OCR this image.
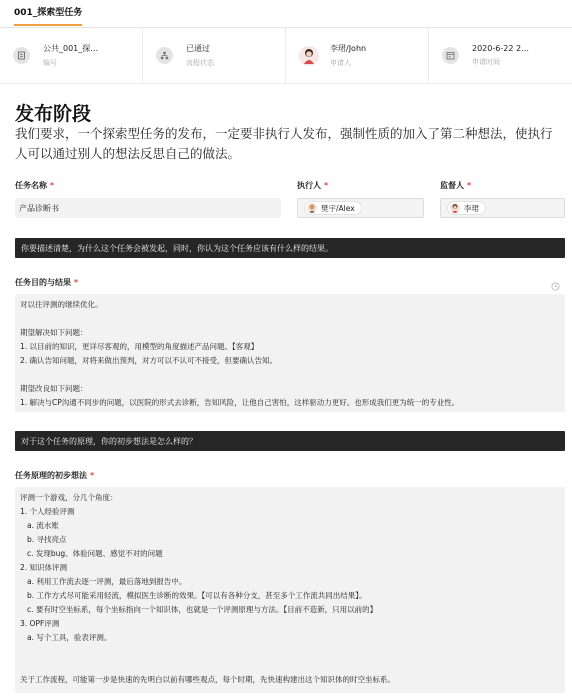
001_探索型任务
公共_001_探…
编号
已通过
流程状态
李珺/John
申请人
2020-6-22 2…
申请时间
发布阶段
我们要求，一个探索型任务的发布，一定要非执行人发布，强制性质的加入了第二种想法，使执行人可以通过别人的想法反思自己的做法。
任务名称 *
产品诊断书
执行人 *
樊宇/Alex
监督人 *
李珺
你要描述清楚，为什么这个任务会被发起，同时，你认为这个任务应该有什么样的结果。
任务目的与结果 *
对以往评测的继续优化。
期望解决如下问题：
1. 以目前的知识，更详尽客观的，用模型的角度描述产品问题。【客观】
2. 确认告知问题，对将来做出预判，对方可以不认可不接受，但要确认告知。
期望改良如下问题：
1. 解决与CP沟通不同步的问题，以医院的形式去诊断，告知风险，让他自己害怕，这样驱动力更好。也形成我们更为统一的专业性。
对于这个任务的原理，你的初步想法是怎么样的？
任务原理的初步想法 *
评测一个游戏，分几个角度：
1. 个人经验评测
a. 流水账
b. 寻找亮点
c. 发现bug、体验问题、感觉不对的问题
2. 知识体评测
a. 利用工作流去逐一评测，最后落地到报告中。
b. 工作方式尽可能采用轻流，模拟医生诊断的效果。【可以有各种分支，甚至多个工作流共同出结果】。
c. 要有时空坐标系，每个坐标指向一个知识体，也就是一个评测原理与方法。【目前不造新，只用以前的】
3. OPF评测
a. 写个工具，验表评测。
关于工作流程，可能第一步是快速的先明白以前有哪些观点，每个时期，先快速构建出这个知识体的时空坐标系。
